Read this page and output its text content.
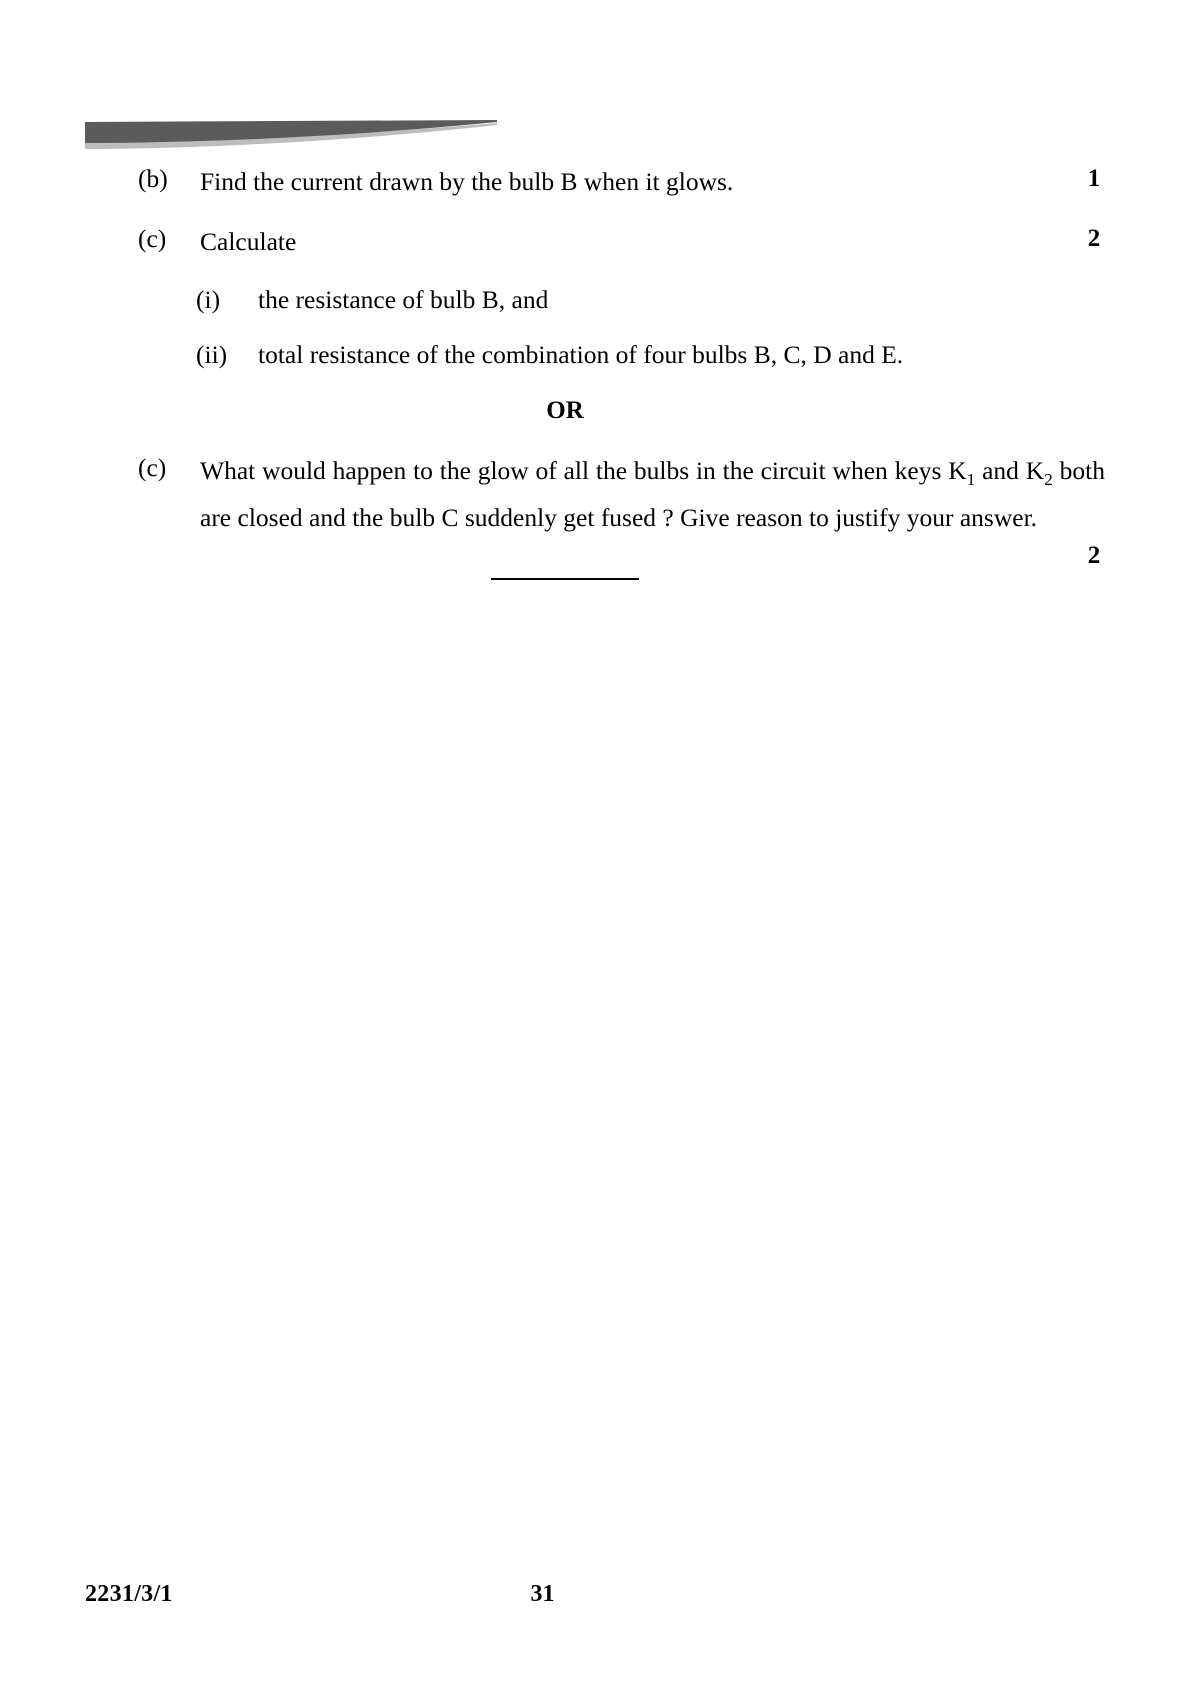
(b)	Find the current drawn by the bulb B when it glows.	1
(c)	Calculate	2
(i)	the resistance of bulb B, and
(ii)	total resistance of the combination of four bulbs B, C, D and E.
OR
(c)	What would happen to the glow of all the bulbs in the circuit when keys $K_1$ and $K_2$ both are closed and the bulb C suddenly get fused ? Give reason to justify your answer.
2
2231/3/1	31
